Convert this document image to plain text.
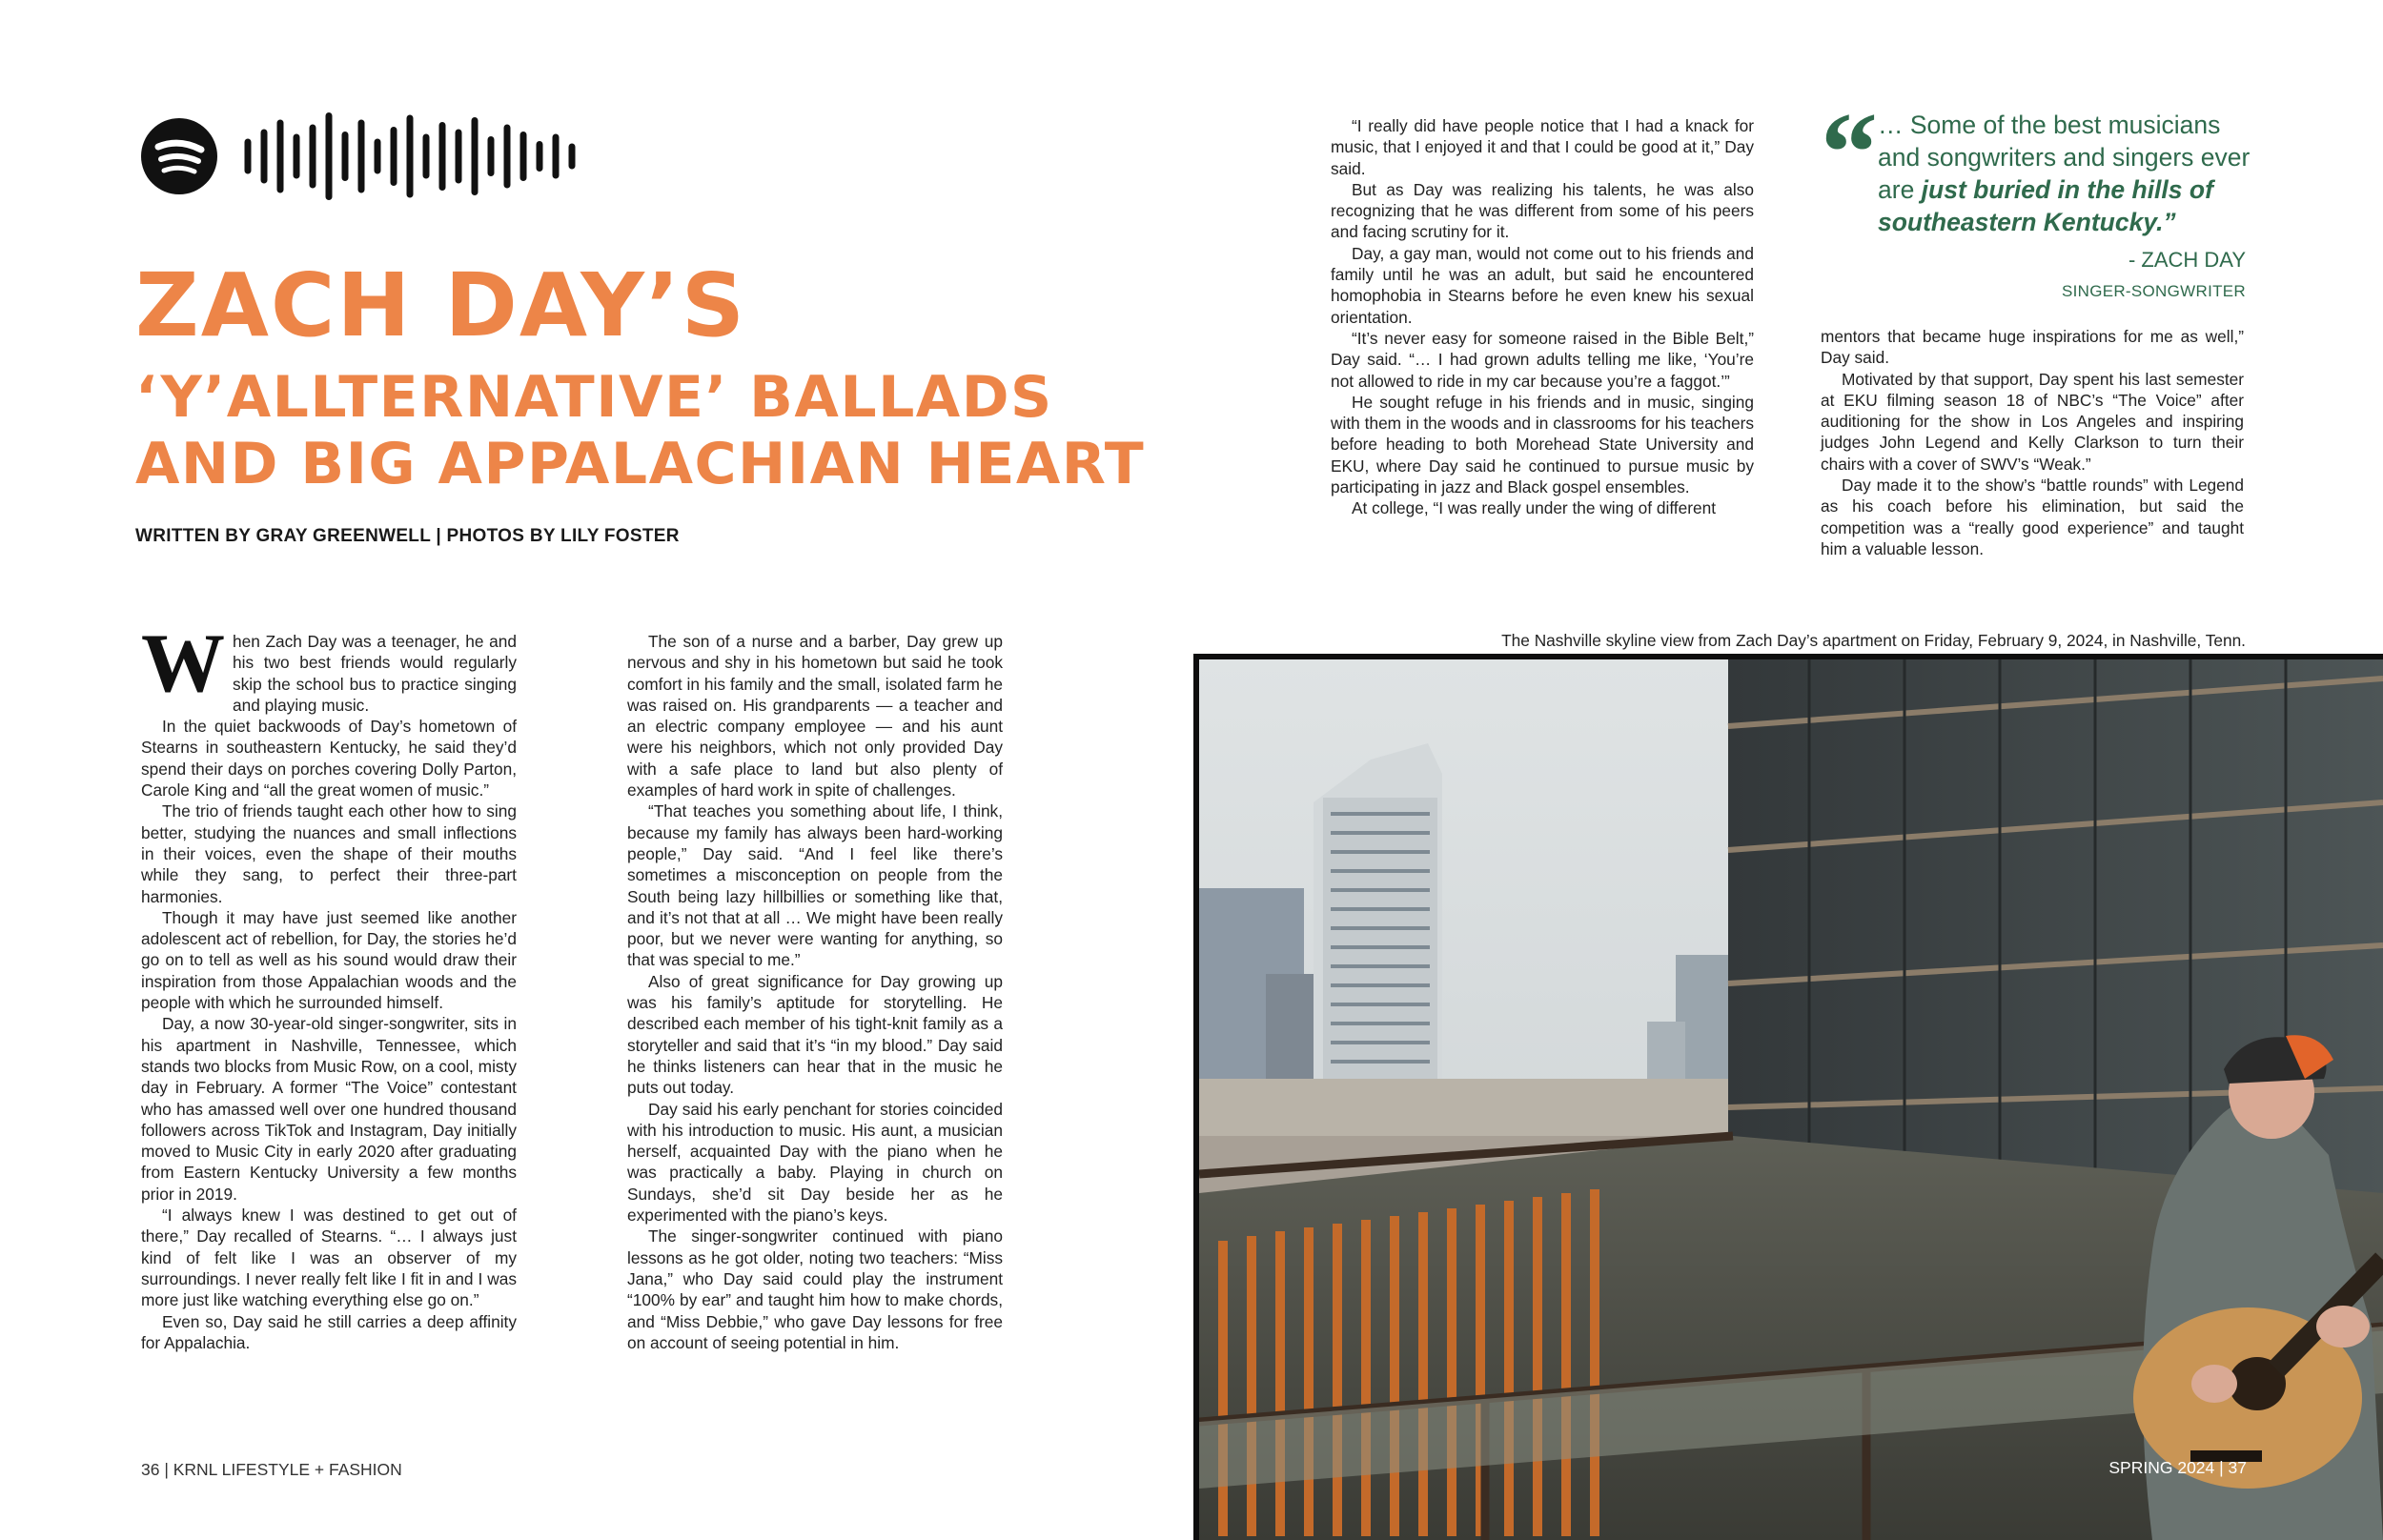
ZACH DAY’S
‘Y’ALLTERNATIVE’ BALLADS
AND BIG APPALACHIAN HEART
WRITTEN BY GRAY GREENWELL | PHOTOS BY LILY FOSTER

When Zach Day was a teenager, he and his two best friends would regularly skip the school bus to practice singing and playing music.

In the quiet backwoods of Day’s hometown of Stearns in southeastern Kentucky, he said they’d spend their days on porches covering Dolly Parton, Carole King and “all the great women of music.”

The trio of friends taught each other how to sing better, studying the nuances and small inflections in their voices, even the shape of their mouths while they sang, to perfect their three-part harmonies.

Though it may have just seemed like another adolescent act of rebellion, for Day, the stories he’d go on to tell as well as his sound would draw their inspiration from those Appalachian woods and the people with which he surrounded himself.

Day, a now 30-year-old singer-songwriter, sits in his apartment in Nashville, Tennessee, which stands two blocks from Music Row, on a cool, misty day in February. A former “The Voice” contestant who has amassed well over one hundred thousand followers across TikTok and Instagram, Day initially moved to Music City in early 2020 after graduating from Eastern Kentucky University a few months prior in 2019.

“I always knew I was destined to get out of there,” Day recalled of Stearns. “… I always just kind of felt like I was an observer of my surroundings. I never really felt like I fit in and I was more just like watching everything else go on.”

Even so, Day said he still carries a deep affinity for Appalachia.

The son of a nurse and a barber, Day grew up nervous and shy in his hometown but said he took comfort in his family and the small, isolated farm he was raised on. His grandparents — a teacher and an electric company employee — and his aunt were his neighbors, which not only provided Day with a safe place to land but also plenty of examples of hard work in spite of challenges.

“That teaches you something about life, I think, because my family has always been hard-working people,” Day said. “And I feel like there’s sometimes a misconception on people from the South being lazy hillbillies or something like that, and it’s not that at all … We might have been really poor, but we never were wanting for anything, so that was special to me.”

Also of great significance for Day growing up was his family’s aptitude for storytelling. He described each member of his tight-knit family as a storyteller and said that it’s “in my blood.” Day said he thinks listeners can hear that in the music he puts out today.

Day said his early penchant for stories coincided with his introduction to music. His aunt, a musician herself, acquainted Day with the piano when he was practically a baby. Playing in church on Sundays, she’d sit Day beside her as he experimented with the piano’s keys.

The singer-songwriter continued with piano lessons as he got older, noting two teachers: “Miss Jana,” who Day said could play the instrument “100% by ear” and taught him how to make chords, and “Miss Debbie,” who gave Day lessons for free on account of seeing potential in him.

“I really did have people notice that I had a knack for music, that I enjoyed it and that I could be good at it,” Day said.

But as Day was realizing his talents, he was also recognizing that he was different from some of his peers and facing scrutiny for it.

Day, a gay man, would not come out to his friends and family until he was an adult, but said he encountered homophobia in Stearns before he even knew his sexual orientation.

“It’s never easy for someone raised in the Bible Belt,” Day said. “… I had grown adults telling me like, ‘You’re not allowed to ride in my car because you’re a faggot.’”

He sought refuge in his friends and in music, singing with them in the woods and in classrooms for his teachers before heading to both Morehead State University and EKU, where Day said he continued to pursue music by participating in jazz and Black gospel ensembles.

At college, “I was really under the wing of different

“ … Some of the best musicians and songwriters and singers ever are just buried in the hills of southeastern Kentucky.”
- ZACH DAY
SINGER-SONGWRITER

mentors that became huge inspirations for me as well,” Day said.

Motivated by that support, Day spent his last semester at EKU filming season 18 of NBC’s “The Voice” after auditioning for the show in Los Angeles and inspiring judges John Legend and Kelly Clarkson to turn their chairs with a cover of SWV’s “Weak.”

Day made it to the show’s “battle rounds” with Legend as his coach before his elimination, but said the competition was a “really good experience” and taught him a valuable lesson.

The Nashville skyline view from Zach Day’s apartment on Friday, February 9, 2024, in Nashville, Tenn.
36 | KRNL LIFESTYLE + FASHION	SPRING 2024 | 37
